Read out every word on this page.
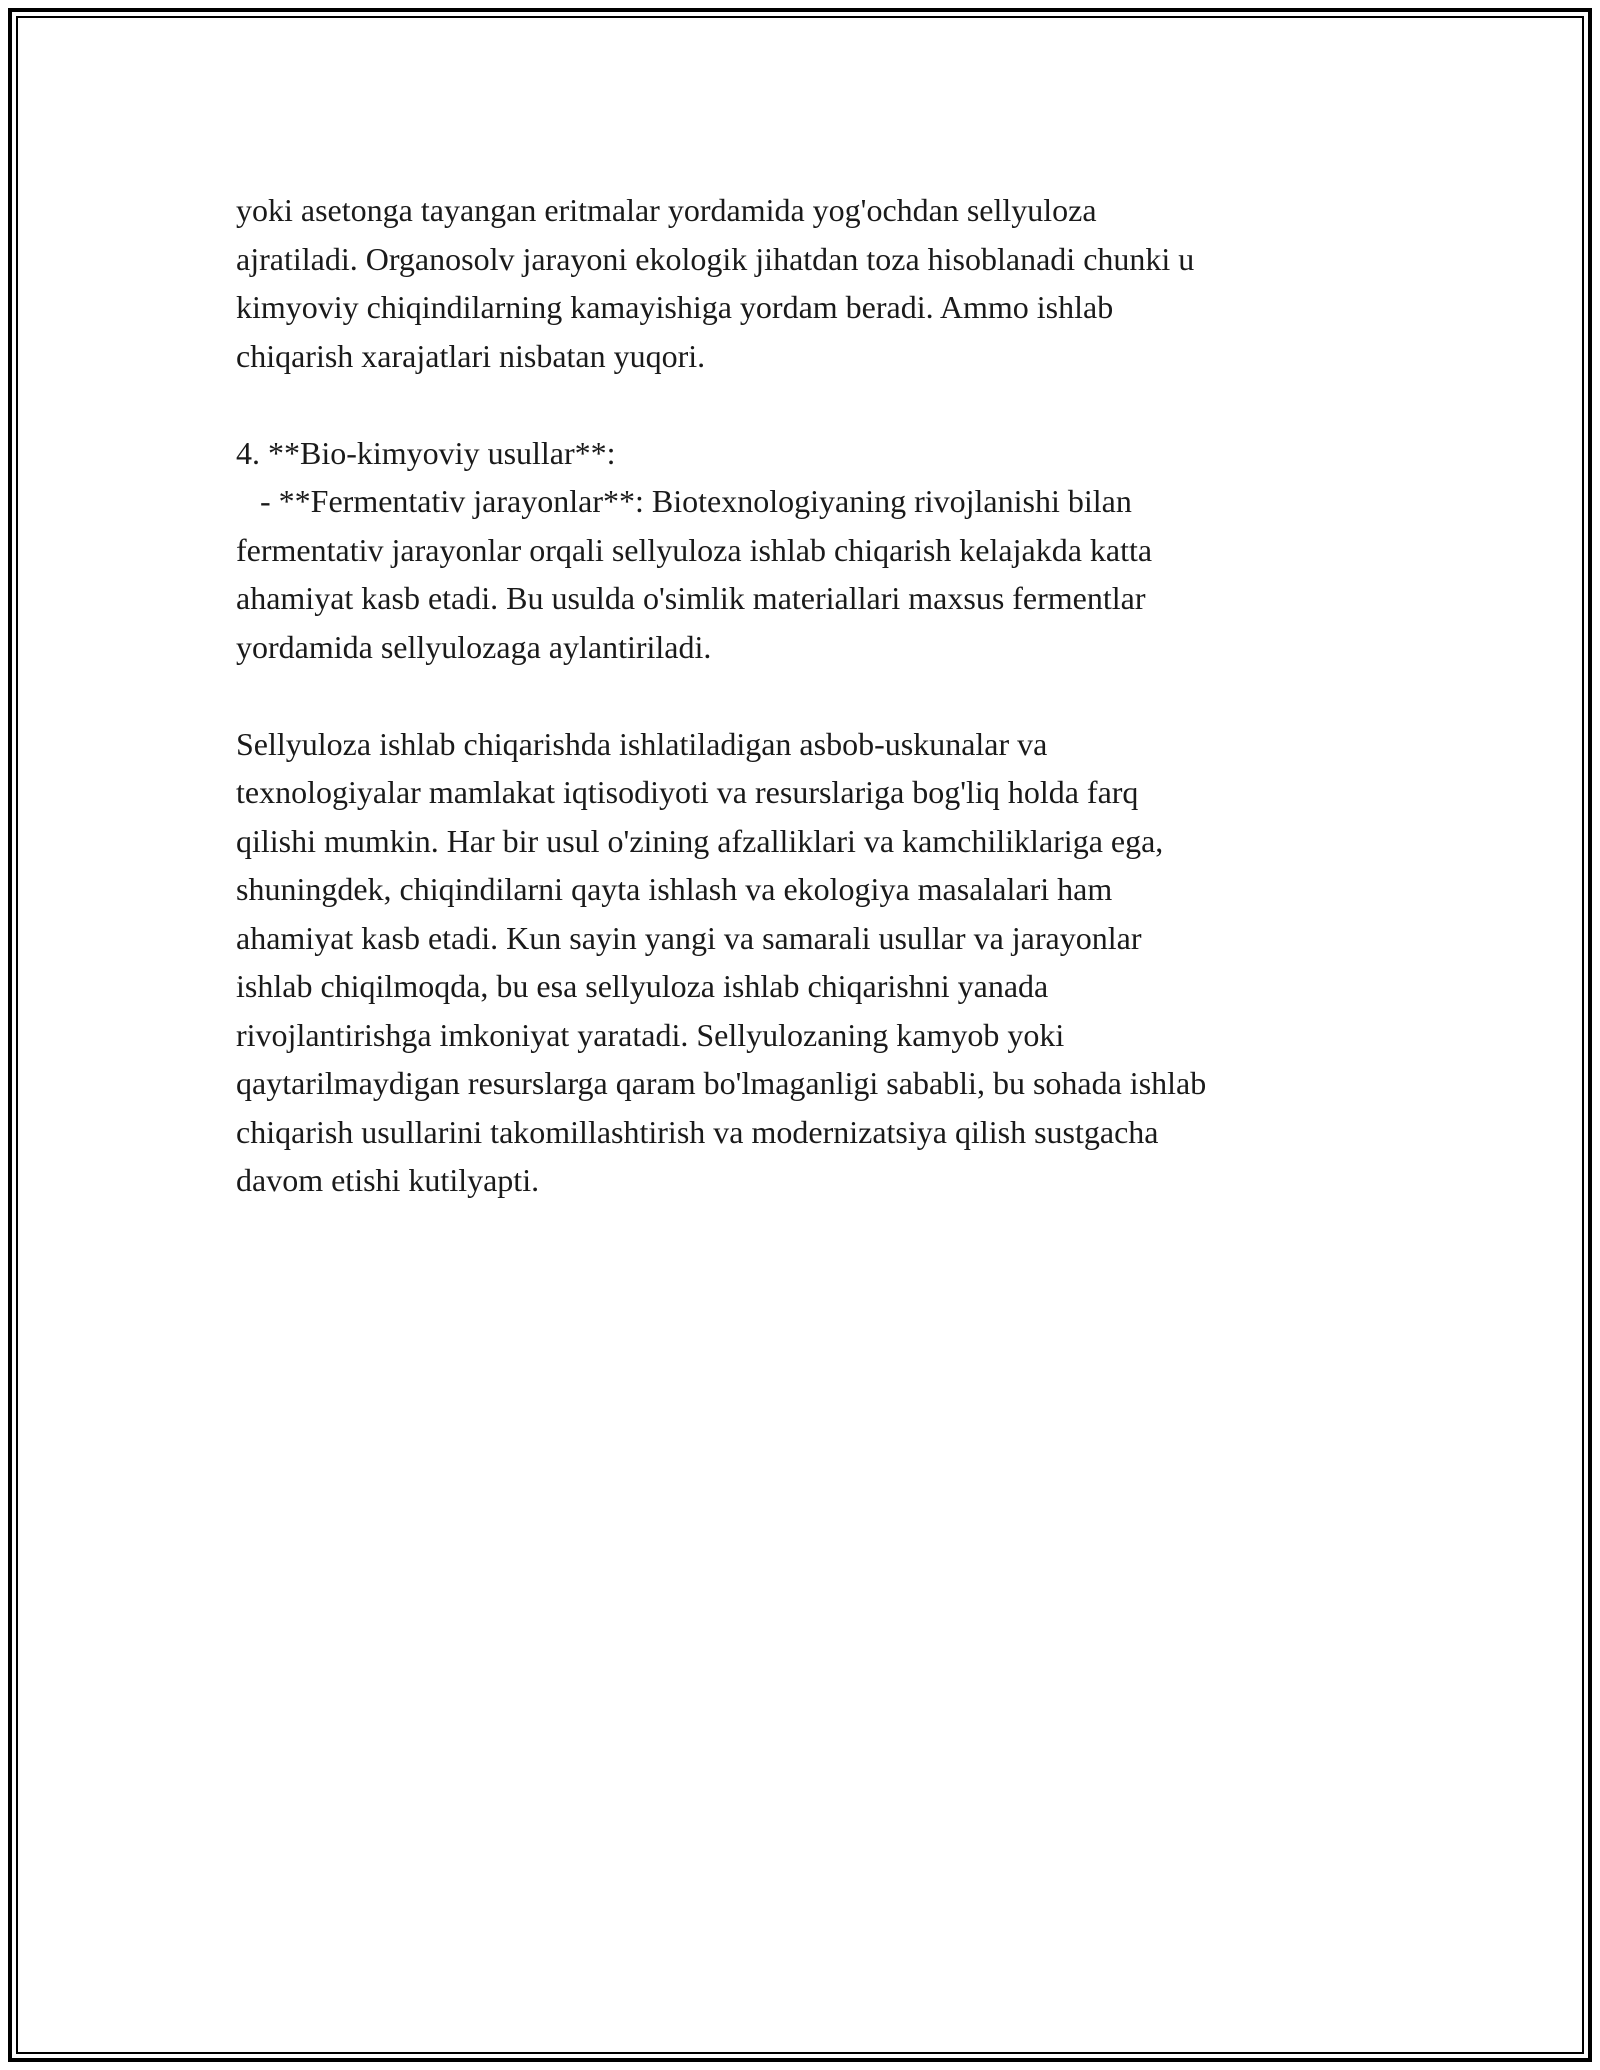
yoki asetonga tayangan eritmalar yordamida yog'ochdan sellyuloza
ajratiladi. Organosolv jarayoni ekologik jihatdan toza hisoblanadi chunki u
kimyoviy chiqindilarning kamayishiga yordam beradi. Ammo ishlab
chiqarish xarajatlari nisbatan yuqori.
4. **Bio-kimyoviy usullar**:
- **Fermentativ jarayonlar**: Biotexnologiyaning rivojlanishi bilan
fermentativ jarayonlar orqali sellyuloza ishlab chiqarish kelajakda katta
ahamiyat kasb etadi. Bu usulda o'simlik materiallari maxsus fermentlar
yordamida sellyulozaga aylantiriladi.
Sellyuloza ishlab chiqarishda ishlatiladigan asbob-uskunalar va
texnologiyalar mamlakat iqtisodiyoti va resurslariga bog'liq holda farq
qilishi mumkin. Har bir usul o'zining afzalliklari va kamchiliklariga ega,
shuningdek, chiqindilarni qayta ishlash va ekologiya masalalari ham
ahamiyat kasb etadi. Kun sayin yangi va samarali usullar va jarayonlar
ishlab chiqilmoqda, bu esa sellyuloza ishlab chiqarishni yanada
rivojlantirishga imkoniyat yaratadi. Sellyulozaning kamyob yoki
qaytarilmaydigan resurslarga qaram bo'lmaganligi sababli, bu sohada ishlab
chiqarish usullarini takomillashtirish va modernizatsiya qilish sustgacha
davom etishi kutilyapti.
